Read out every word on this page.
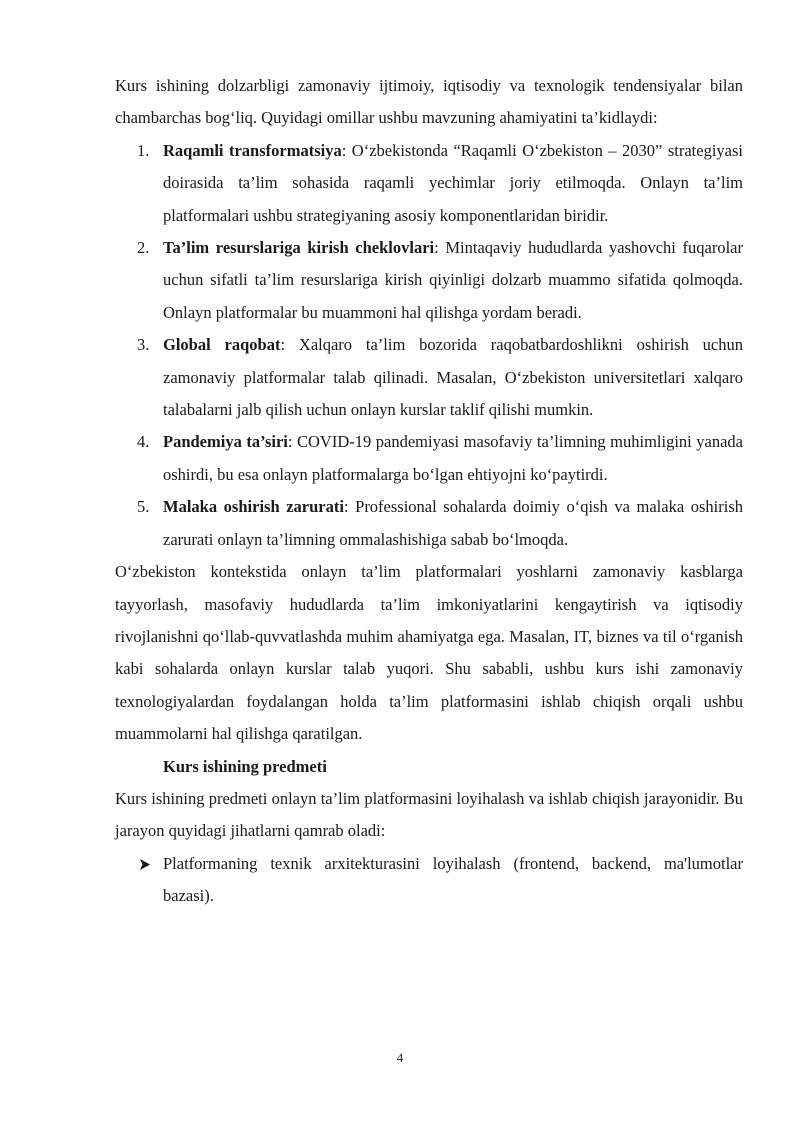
Kurs ishining dolzarbligi zamonaviy ijtimoiy, iqtisodiy va texnologik tendensiyalar bilan chambarchas bog‘liq. Quyidagi omillar ushbu mavzuning ahamiyatini ta’kidlaydi:

1. Raqamli transformatsiya: O‘zbekistonda “Raqamli O‘zbekiston – 2030” strategiyasi doirasida ta’lim sohasida raqamli yechimlar joriy etilmoqda. Onlayn ta’lim platformalari ushbu strategiyaning asosiy komponentlaridan biridir.
2. Ta’lim resurslariga kirish cheklovlari: Mintaqaviy hududlarda yashovchi fuqarolar uchun sifatli ta’lim resurslariga kirish qiyinligi dolzarb muammo sifatida qolmoqda. Onlayn platformalar bu muammoni hal qilishga yordam beradi.
3. Global raqobat: Xalqaro ta’lim bozorida raqobatbardoshlikni oshirish uchun zamonaviy platformalar talab qilinadi. Masalan, O‘zbekiston universitetlari xalqaro talabalarni jalb qilish uchun onlayn kurslar taklif qilishi mumkin.
4. Pandemiya ta’siri: COVID-19 pandemiyasi masofaviy ta’limning muhimligini yanada oshirdi, bu esa onlayn platformalarga bo‘lgan ehtiyojni ko‘paytirdi.
5. Malaka oshirish zarurati: Professional sohalarda doimiy o‘qish va malaka oshirish zarurati onlayn ta’limning ommalashishiga sabab bo‘lmoqda.

O‘zbekiston kontekstida onlayn ta’lim platformalari yoshlarni zamonaviy kasblarga tayyorlash, masofaviy hududlarda ta’lim imkoniyatlarini kengaytirish va iqtisodiy rivojlanishni qo‘llab-quvvatlashda muhim ahamiyatga ega. Masalan, IT, biznes va til o‘rganish kabi sohalarda onlayn kurslar talab yuqori. Shu sababli, ushbu kurs ishi zamonaviy texnologiyalardan foydalangan holda ta’lim platformasini ishlab chiqish orqali ushbu muammolarni hal qilishga qaratilgan.

Kurs ishining predmeti

Kurs ishining predmeti onlayn ta’lim platformasini loyihalash va ishlab chiqish jarayonidir. Bu jarayon quyidagi jihatlarni qamrab oladi:

Platformaning texnik arxitekturasini loyihalash (frontend, backend, ma'lumotlar bazasi).
4
